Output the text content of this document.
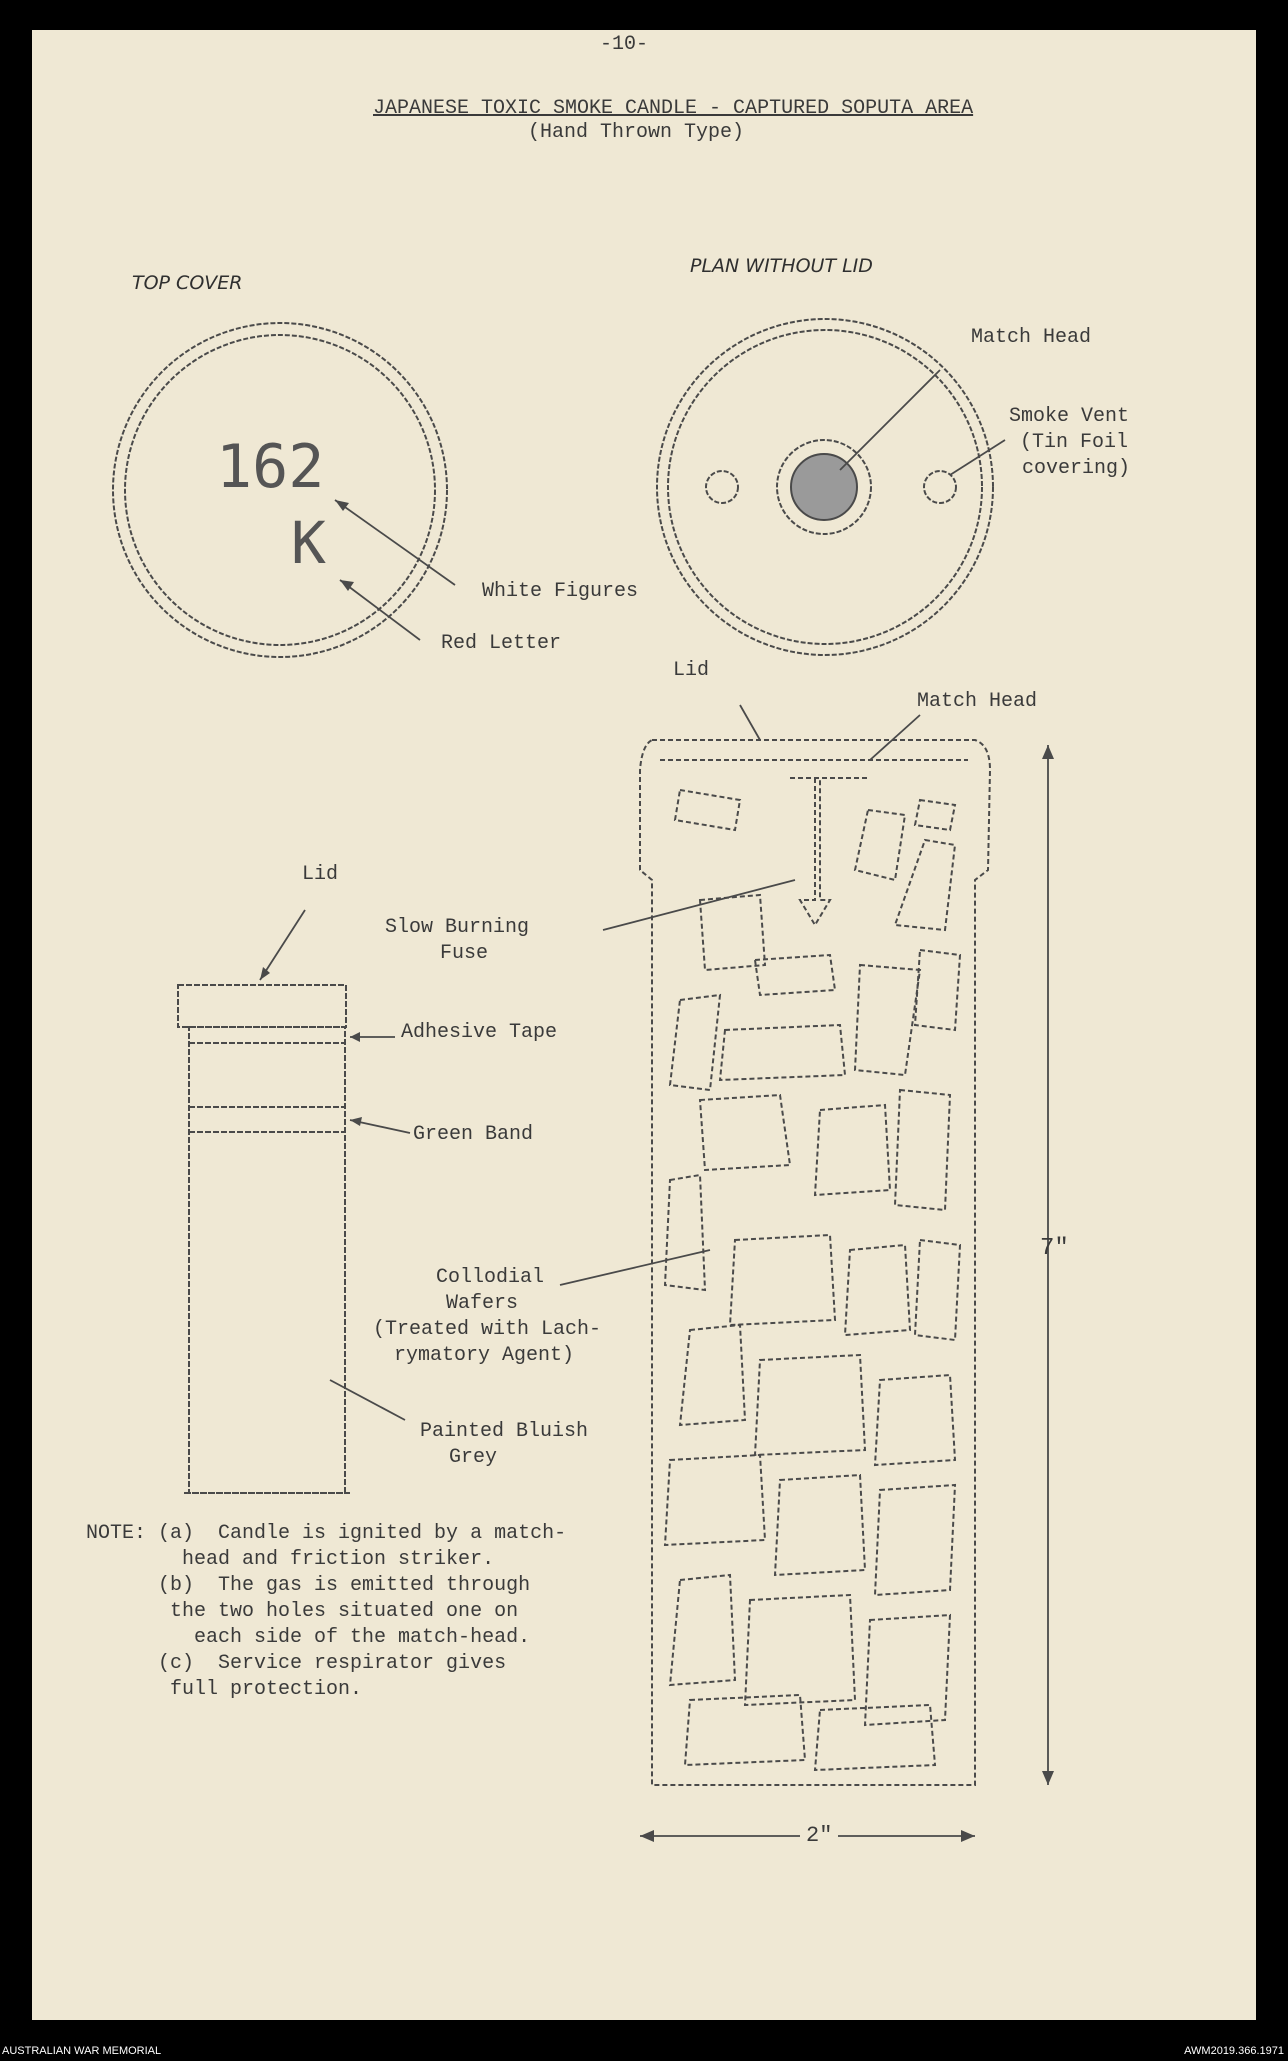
-10-
JAPANESE TOXIC SMOKE CANDLE - CAPTURED SOPUTA AREA
(Hand Thrown Type)
TOP COVER
162
K
White Figures
Red Letter
PLAN WITHOUT LID
Match Head
Smoke Vent
(Tin Foil
covering)
Lid
Match Head
Slow Burning
Fuse
Collodial
Wafers
(Treated with Lach-
rymatory Agent)
7"
2"
Lid
Adhesive Tape
Green Band
Painted Bluish
Grey
NOTE: (a)  Candle is ignited by a match-
head and friction striker.
(b)  The gas is emitted through
the two holes situated one on
each side of the match-head.
(c)  Service respirator gives
full protection.
AUSTRALIAN WAR MEMORIAL	AWM2019.366.1971
